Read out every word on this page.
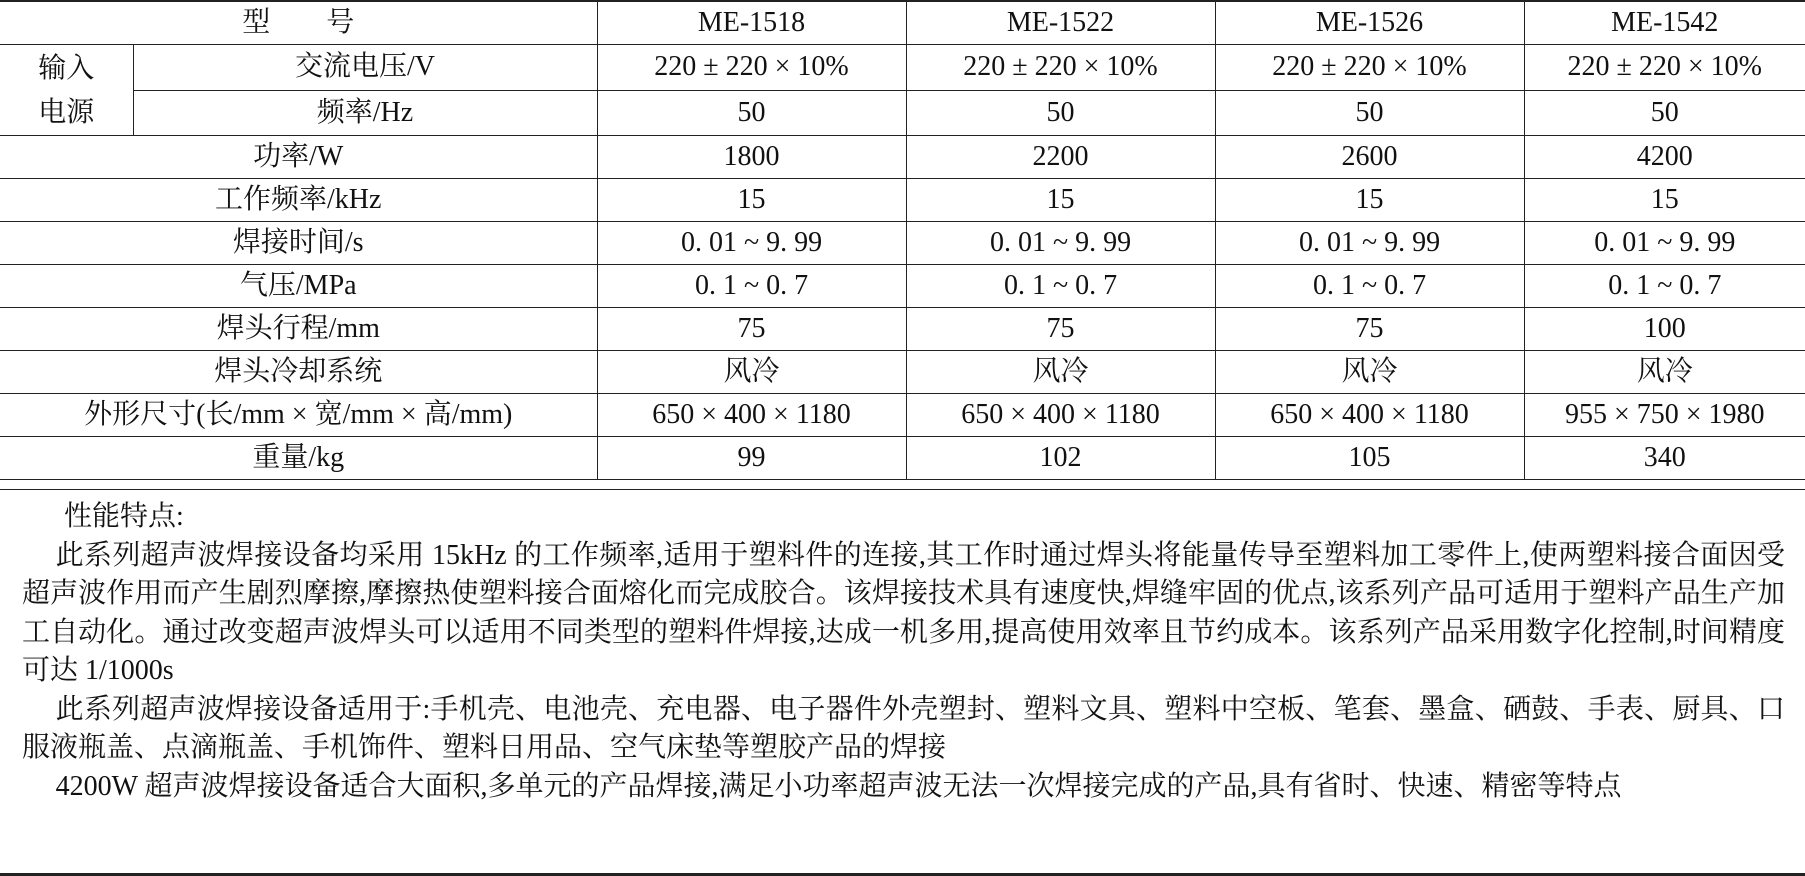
型　　号		ME-1518	ME-1522	ME-1526	ME-1542

输入
电源	交流电压/V	220 ± 220 × 10%	220 ± 220 × 10%	220 ± 220 × 10%	220 ± 220 × 10%
	频率/Hz	50	50	50	50
功率/W		1800	2200	2600	4200
工作频率/kHz		15	15	15	15
焊接时间/s		0. 01 ~ 9. 99	0. 01 ~ 9. 99	0. 01 ~ 9. 99	0. 01 ~ 9. 99
气压/MPa		0. 1 ~ 0. 7	0. 1 ~ 0. 7	0. 1 ~ 0. 7	0. 1 ~ 0. 7
焊头行程/mm		75	75	75	100
焊头冷却系统		风冷	风冷	风冷	风冷
外形尺寸(长/mm × 宽/mm × 高/mm)		650 × 400 × 1180	650 × 400 × 1180	650 × 400 × 1180	955 × 750 × 1980
重量/kg		99	102	105	340

性能特点:

此系列超声波焊接设备均采用 15kHz 的工作频率,适用于塑料件的连接,其工作时通过焊头将能量传导至塑料加工零件上,使两塑料接合面因受超声波作用而产生剧烈摩擦,摩擦热使塑料接合面熔化而完成胶合。该焊接技术具有速度快,焊缝牢固的优点,该系列产品可适用于塑料产品生产加工自动化。通过改变超声波焊头可以适用不同类型的塑料件焊接,达成一机多用,提高使用效率且节约成本。该系列产品采用数字化控制,时间精度可达 1/1000s

此系列超声波焊接设备适用于:手机壳、电池壳、充电器、电子器件外壳塑封、塑料文具、塑料中空板、笔套、墨盒、硒鼓、手表、厨具、口服液瓶盖、点滴瓶盖、手机饰件、塑料日用品、空气床垫等塑胶产品的焊接

4200W 超声波焊接设备适合大面积,多单元的产品焊接,满足小功率超声波无法一次焊接完成的产品,具有省时、快速、精密等特点
